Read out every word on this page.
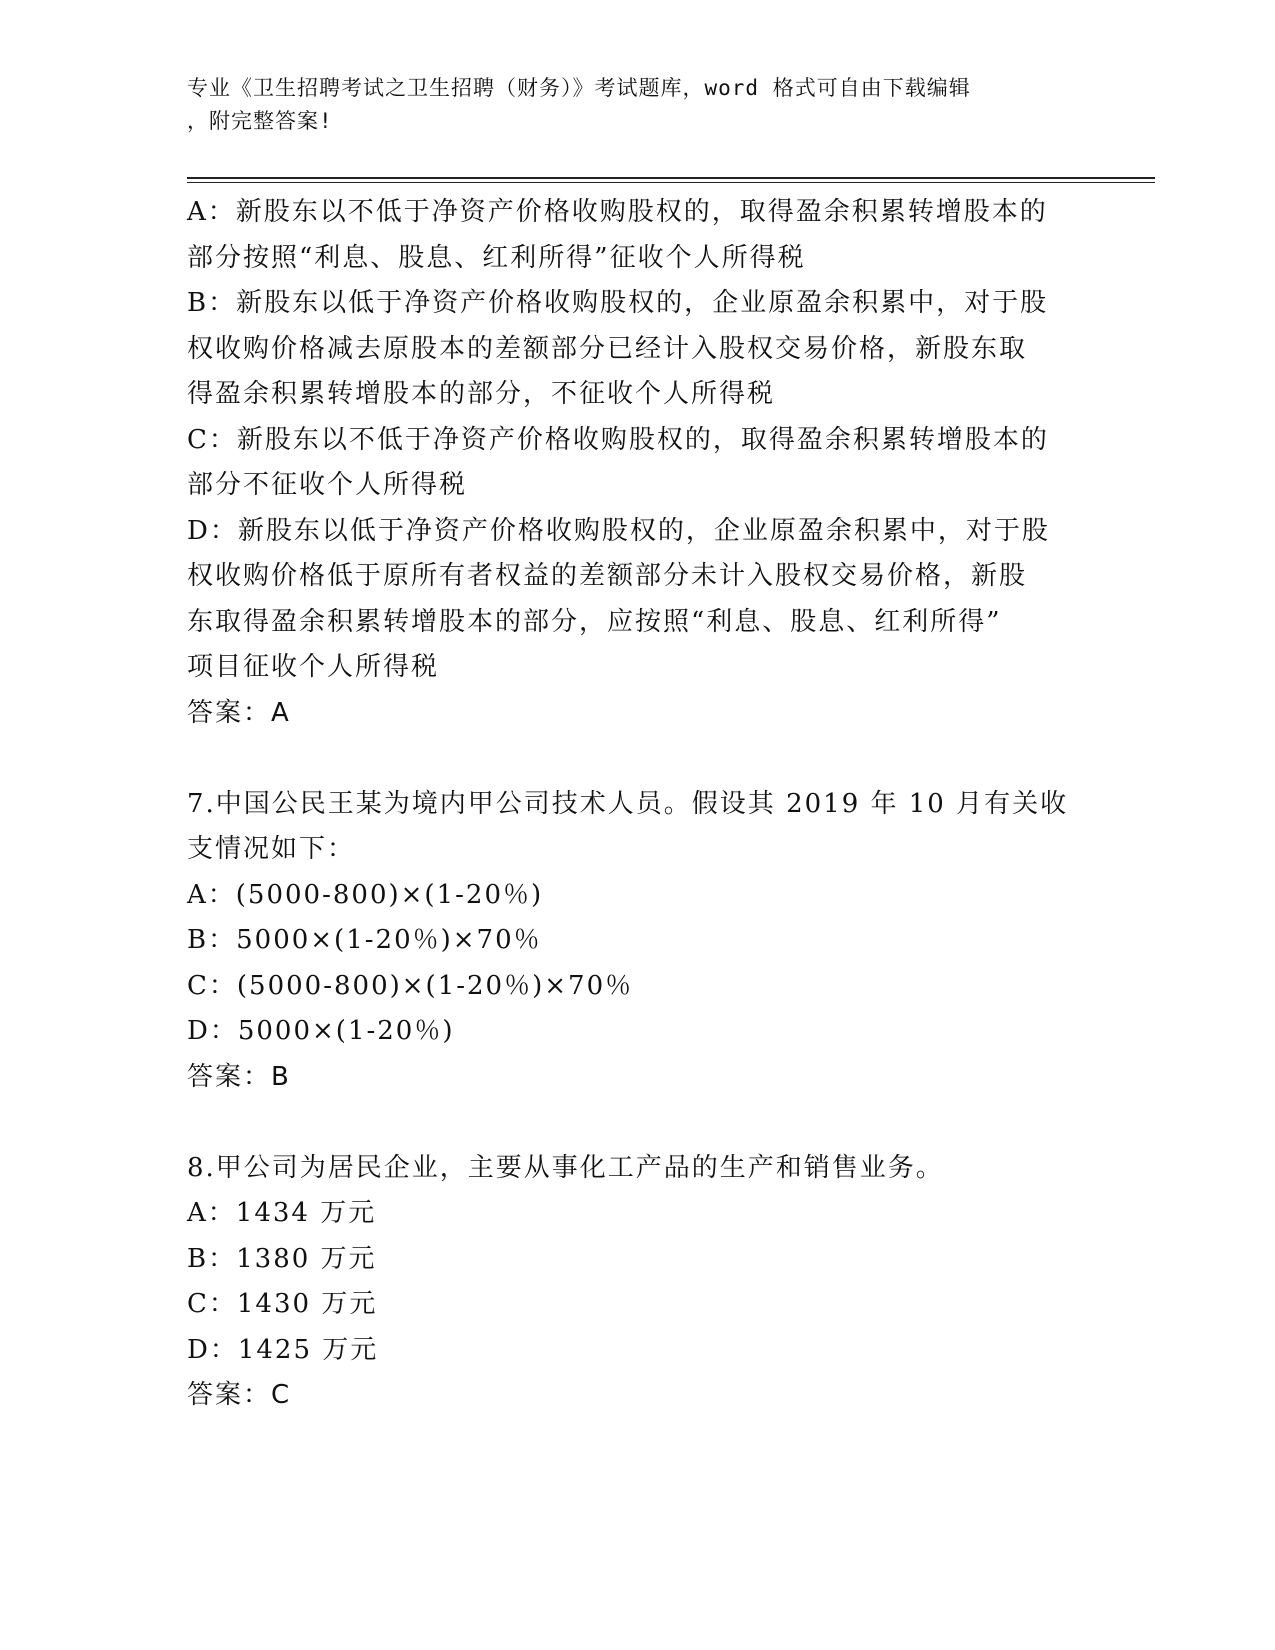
专业《卫生招聘考试之卫生招聘（财务）》考试题库，word 格式可自由下载编辑
，附完整答案!
A：新股东以不低于净资产价格收购股权的，取得盈余积累转增股本的
部分按照“利息、股息、红利所得”征收个人所得税
B：新股东以低于净资产价格收购股权的，企业原盈余积累中，对于股
权收购价格减去原股本的差额部分已经计入股权交易价格，新股东取
得盈余积累转增股本的部分，不征收个人所得税
C：新股东以不低于净资产价格收购股权的，取得盈余积累转增股本的
部分不征收个人所得税
D：新股东以低于净资产价格收购股权的，企业原盈余积累中，对于股
权收购价格低于原所有者权益的差额部分未计入股权交易价格，新股
东取得盈余积累转增股本的部分，应按照“利息、股息、红利所得”
项目征收个人所得税
答案：A
7.中国公民王某为境内甲公司技术人员。假设其 2019 年 10 月有关收
支情况如下：
A：(5000-800)×(1-20％)
B：5000×(1-20％)×70％
C：(5000-800)×(1-20％)×70％
D：5000×(1-20％)
答案：B
8.甲公司为居民企业，主要从事化工产品的生产和销售业务。
A：1434 万元
B：1380 万元
C：1430 万元
D：1425 万元
答案：C
